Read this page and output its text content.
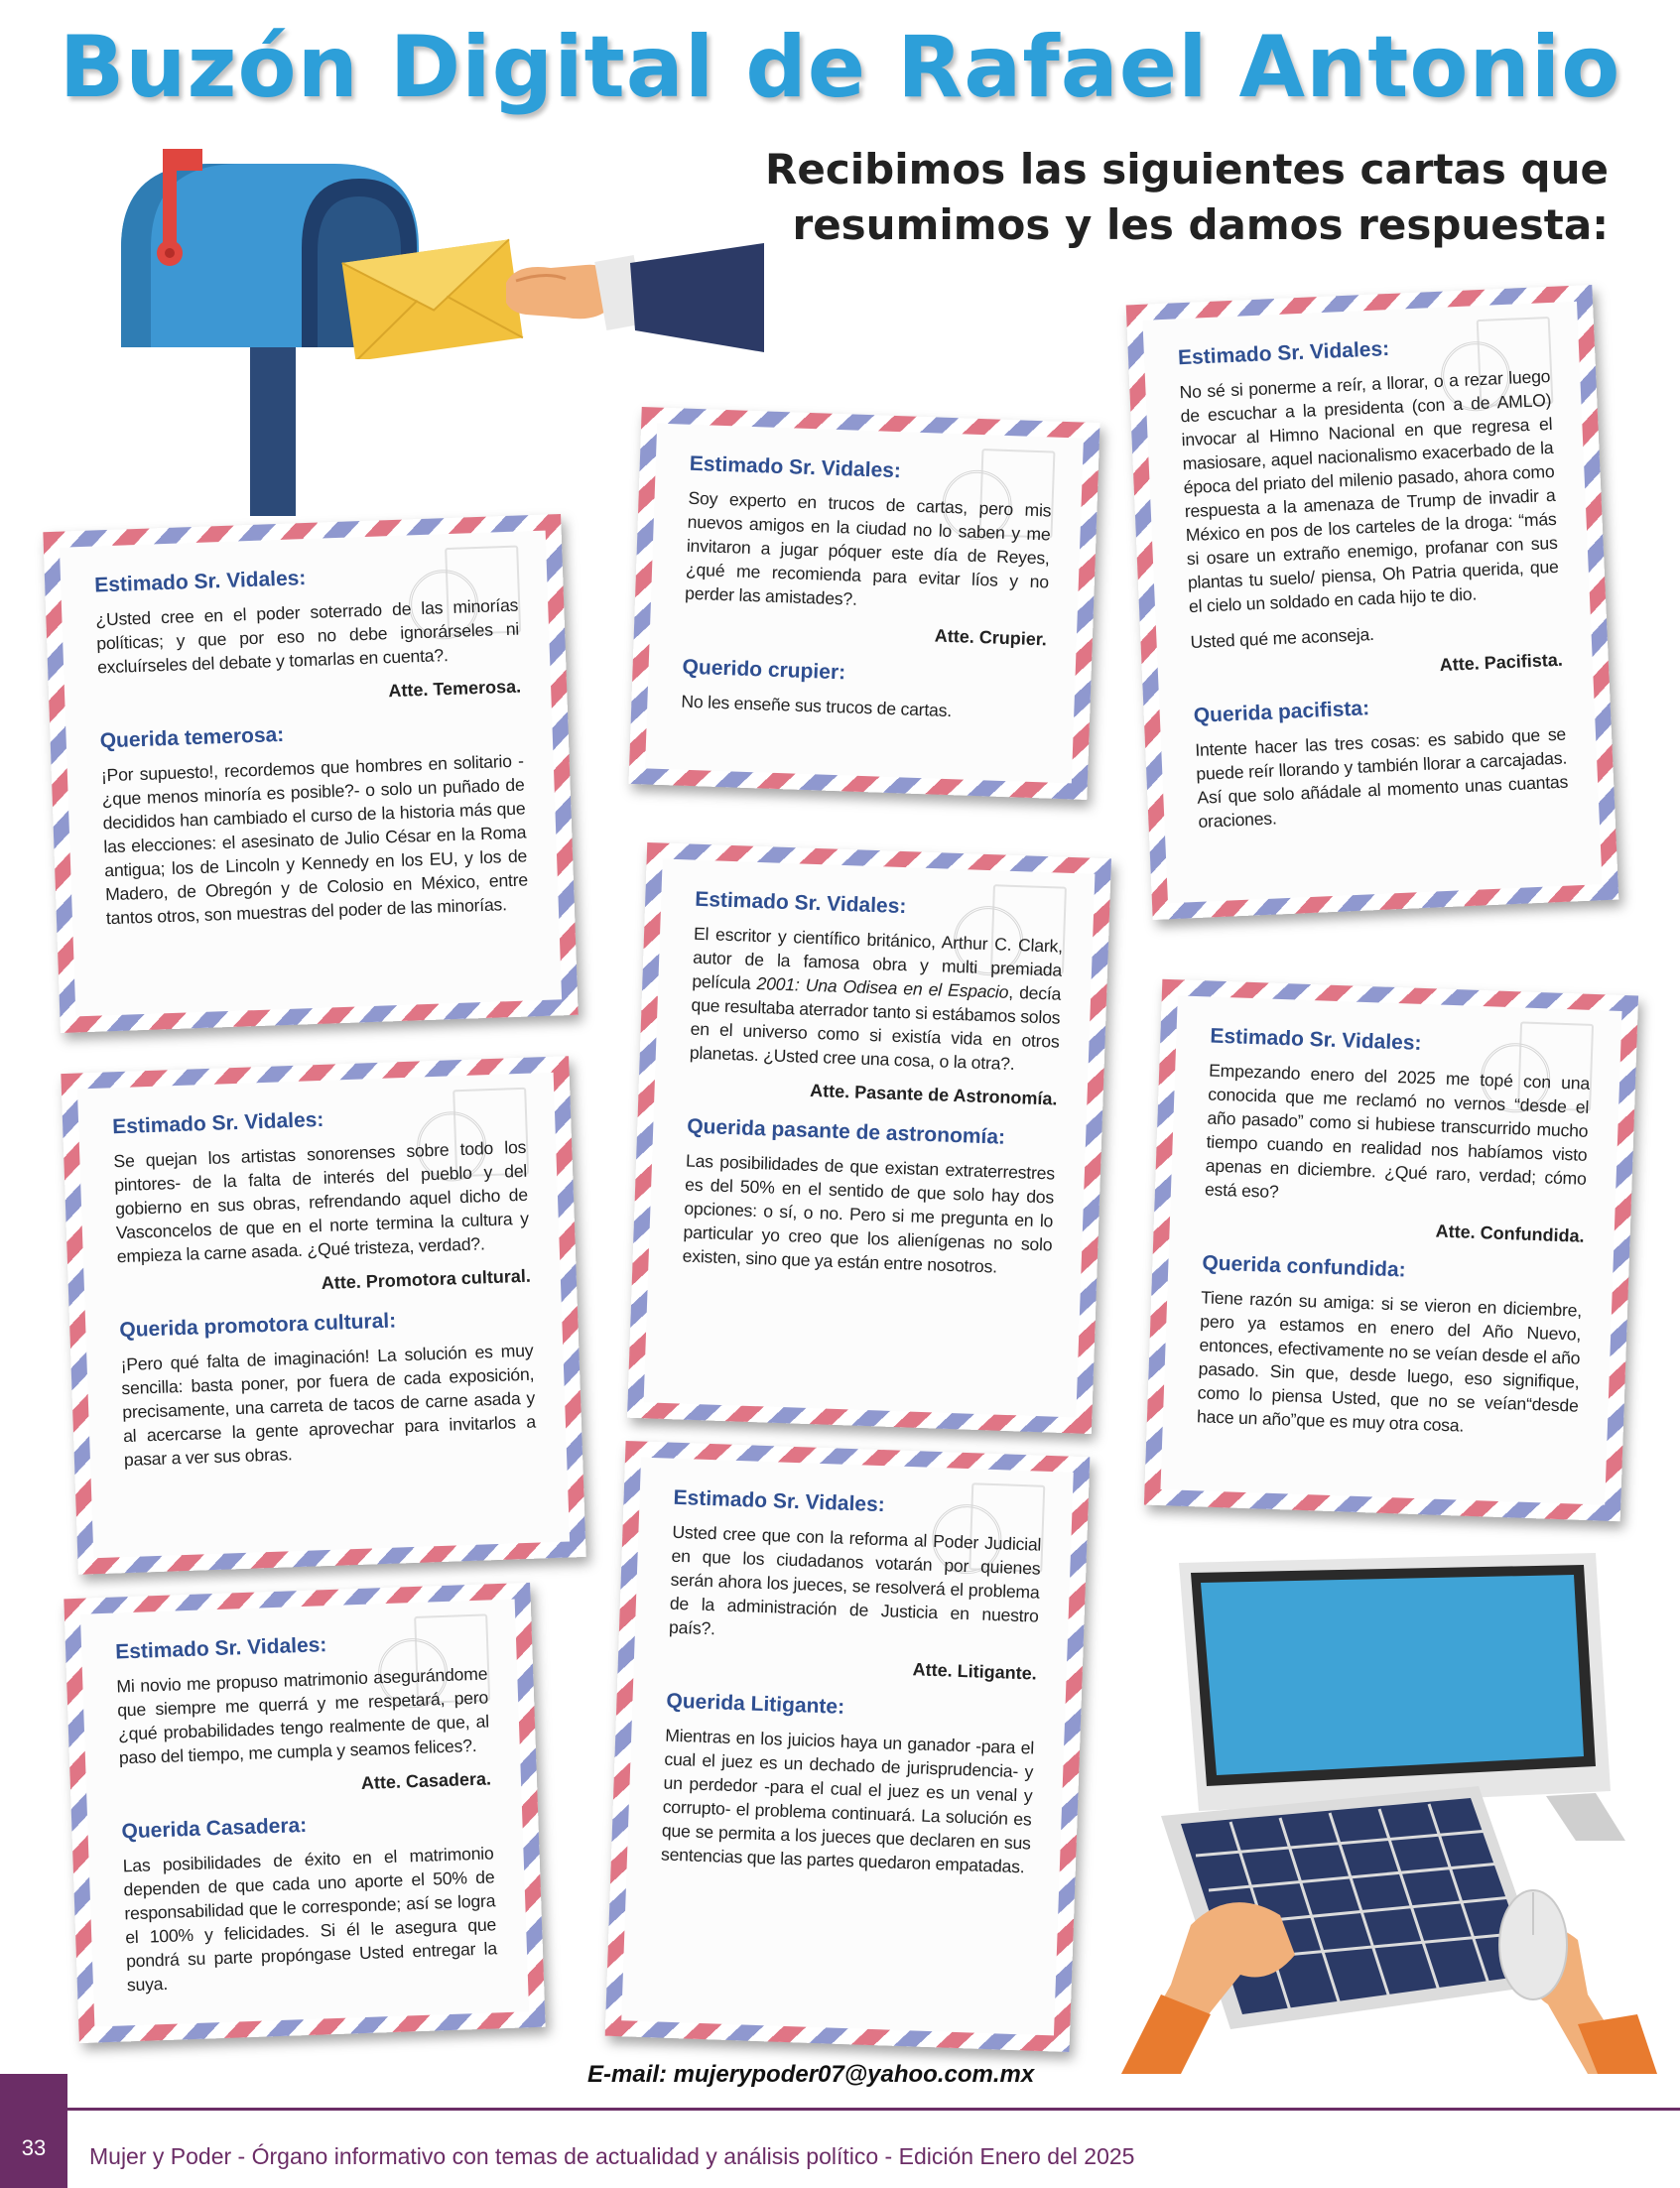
Buzón Digital de Rafael Antonio
Recibimos las siguientes cartas que
resumimos y les damos respuesta:
Estimado Sr. Vidales:
¿Usted cree en el poder soterrado de las minorías políticas; y que por eso no debe ignorárseles ni excluírseles del debate y tomarlas en cuenta?.
Atte. Temerosa.
Querida temerosa:
¡Por supuesto!, recordemos que hombres en solitario -¿que menos minoría es posible?- o solo un puñado de decididos han cambiado el curso de la historia más que las elecciones: el asesinato de Julio César en la Roma antigua; los de Lincoln y Kennedy en los EU, y los de Madero, de Obregón y de Colosio en México, entre tantos otros, son muestras del poder de las minorías.
Estimado Sr. Vidales:
Se quejan los artistas sonorenses sobre todo los pintores- de la falta de interés del pueblo y del gobierno en sus obras, refrendando aquel dicho de Vasconcelos de que en el norte termina la cultura y empieza la carne asada. ¿Qué tristeza, verdad?.
Atte. Promotora cultural.
Querida promotora cultural:
¡Pero qué falta de imaginación! La solución es muy sencilla: basta poner, por fuera de cada exposición, precisamente, una carreta de tacos de carne asada y al acercarse la gente aprovechar para invitarlos a pasar a ver sus obras.
Estimado Sr. Vidales:
Mi novio me propuso matrimonio asegurándome que siempre me querrá y me respetará, pero ¿qué probabilidades tengo realmente de que, al paso del tiempo, me cumpla y seamos felices?.
Atte. Casadera.
Querida Casadera:
Las posibilidades de éxito en el matrimonio dependen de que cada uno aporte el 50% de responsabilidad que le corresponde; así se logra el 100% y felicidades. Si él le asegura que pondrá su parte propóngase Usted entregar la suya.
Estimado Sr. Vidales:
Soy experto en trucos de cartas, pero mis nuevos amigos en la ciudad no lo saben y me invitaron a jugar póquer este día de Reyes, ¿qué me recomienda para evitar líos y no perder las amistades?.
Atte. Crupier.
Querido crupier:
No les enseñe sus trucos de cartas.
Estimado Sr. Vidales:
El escritor y científico británico, Arthur C. Clark, autor de la famosa obra y multi premiada película 2001: Una Odisea en el Espacio, decía que resultaba aterrador tanto si estábamos solos en el universo como si existía vida en otros planetas. ¿Usted cree una cosa, o la otra?.
Atte. Pasante de Astronomía.
Querida pasante de astronomía:
Las posibilidades de que existan extraterrestres es del 50% en el sentido de que solo hay dos opciones: o sí, o no. Pero si me pregunta en lo particular yo creo que los alienígenas no solo existen, sino que ya están entre nosotros.
Estimado Sr. Vidales:
Usted cree que con la reforma al Poder Judicial en que los ciudadanos votarán por quienes serán ahora los jueces, se resolverá el problema de la administración de Justicia en nuestro país?.
Atte. Litigante.
Querida Litigante:
Mientras en los juicios haya un ganador -para el cual el juez es un dechado de jurisprudencia- y un perdedor -para el cual el juez es un venal y corrupto- el problema continuará. La solución es que se permita a los jueces que declaren en sus sentencias que las partes quedaron empatadas.
Estimado Sr. Vidales:
No sé si ponerme a reír, a llorar, o a rezar luego de escuchar a la presidenta (con a de AMLO) invocar al Himno Nacional en que regresa el masiosare, aquel nacionalismo exacerbado de la época del priato del milenio pasado, ahora como respuesta a la amenaza de Trump de invadir a México en pos de los carteles de la droga: “más si osare un extraño enemigo, profanar con sus plantas tu suelo/ piensa, Oh Patria querida, que el cielo un soldado en cada hijo te dio.
Usted qué me aconseja.
Atte. Pacifista.
Querida pacifista:
Intente hacer las tres cosas: es sabido que se puede reír llorando y también llorar a carcajadas. Así que solo añádale al momento unas cuantas oraciones.
Estimado Sr. Vidales:
Empezando enero del 2025 me topé con una conocida que me reclamó no vernos “desde el año pasado” como si hubiese transcurrido mucho tiempo cuando en realidad nos habíamos visto apenas en diciembre. ¿Qué raro, verdad; cómo está eso?
Atte. Confundida.
Querida confundida:
Tiene razón su amiga: si se vieron en diciembre, pero ya estamos en enero del Año Nuevo, entonces, efectivamente no se veían desde el año pasado. Sin que, desde luego, eso signifique, como lo piensa Usted, que no se veían“desde hace un año”que es muy otra cosa.
E-mail: mujerypoder07@yahoo.com.mx
33	Mujer y Poder - Órgano informativo con temas de actualidad y análisis político - Edición Enero del 2025
